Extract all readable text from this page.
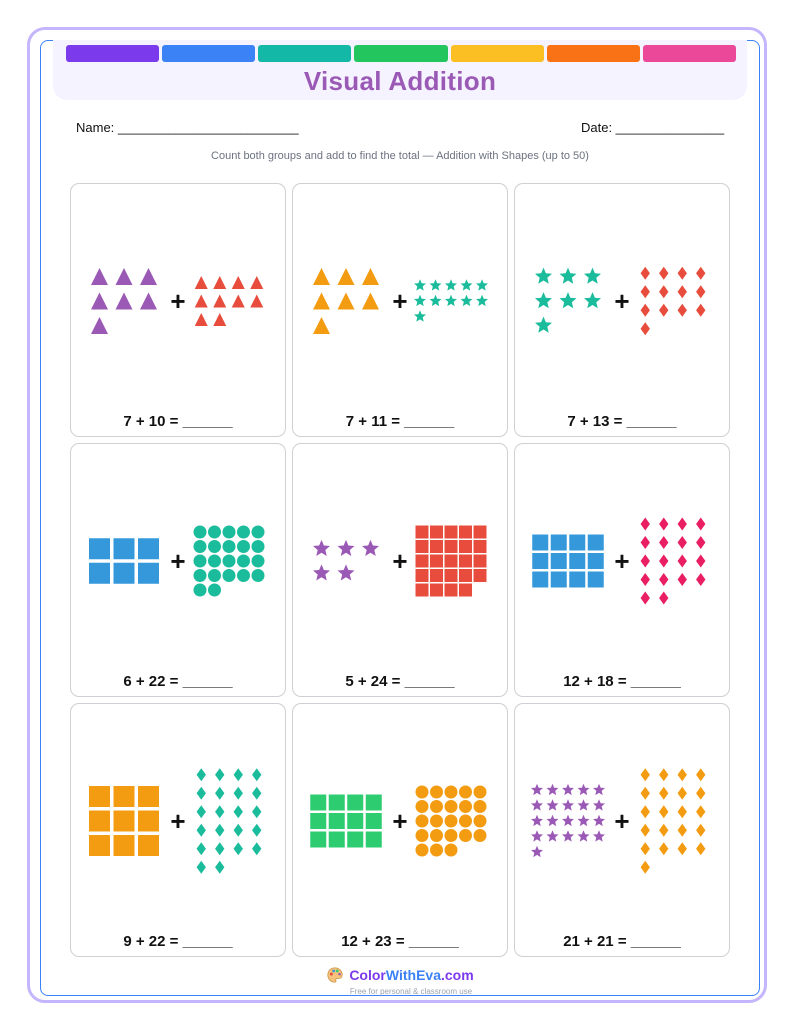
Visual Addition
Name: _________________________	Date: _______________
Count both groups and add to find the total — Addition with Shapes (up to 50)
+
7 + 10 = ______
+
7 + 11 = ______
+
7 + 13 = ______
+
6 + 22 = ______
+
5 + 24 = ______
+
12 + 18 = ______
+
9 + 22 = ______
+
12 + 23 = ______
+
21 + 21 = ______
ColorWithEva.com
Free for personal & classroom use
